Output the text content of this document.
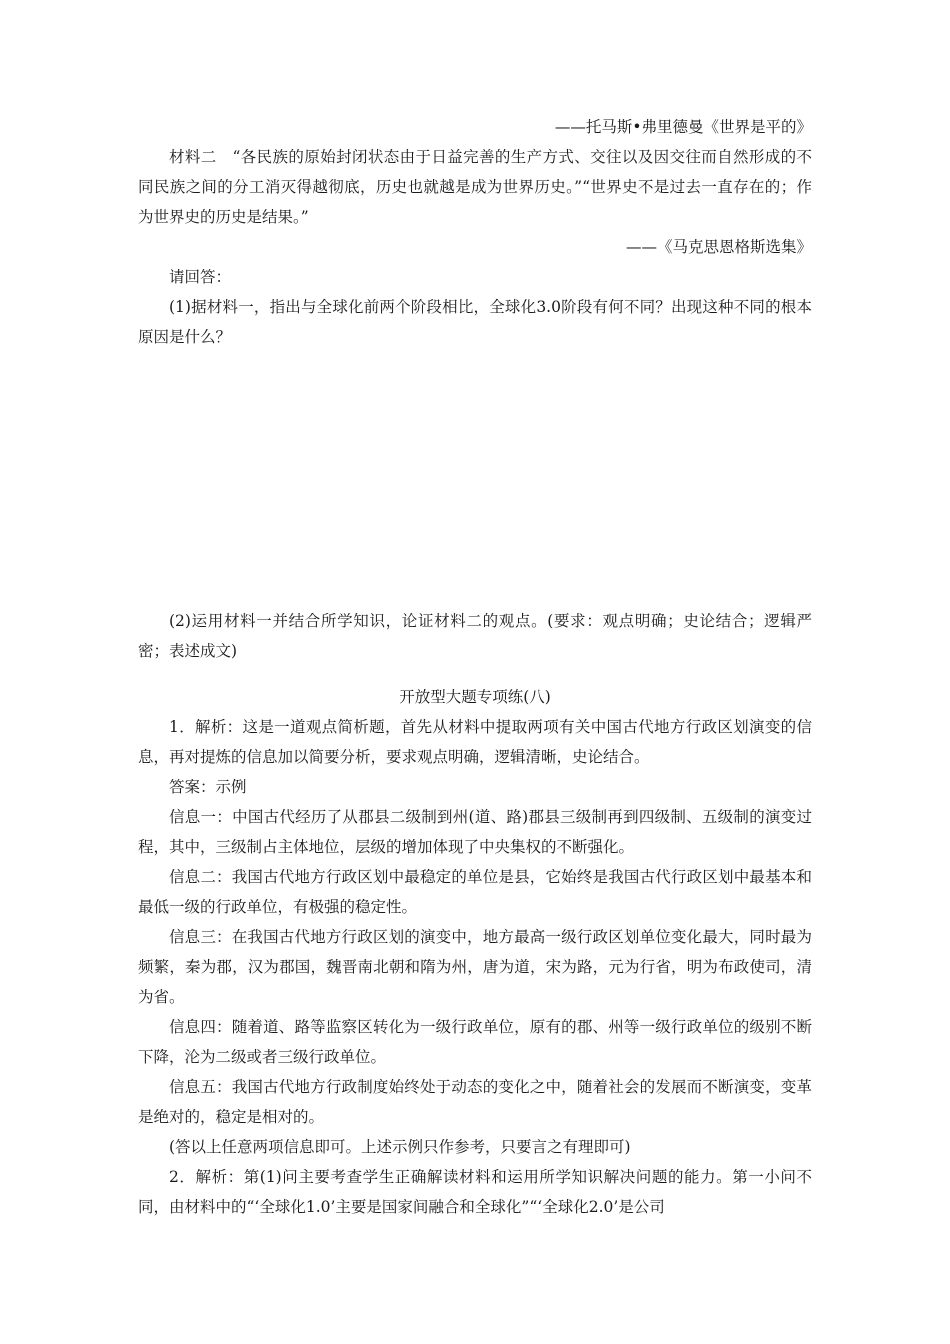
——托马斯•弗里德曼《世界是平的》

材料二　“各民族的原始封闭状态由于日益完善的生产方式、交往以及因交往而自然形成的不同民族之间的分工消灭得越彻底，历史也就越是成为世界历史。”“世界史不是过去一直存在的；作为世界史的历史是结果。”

——《马克思恩格斯选集》

请回答：

(1)据材料一，指出与全球化前两个阶段相比，全球化3.0阶段有何不同？出现这种不同的根本原因是什么？

(2)运用材料一并结合所学知识，论证材料二的观点。(要求：观点明确；史论结合；逻辑严密；表述成文)

开放型大题专项练(八)

1．解析：这是一道观点简析题，首先从材料中提取两项有关中国古代地方行政区划演变的信息，再对提炼的信息加以简要分析，要求观点明确，逻辑清晰，史论结合。

答案：示例

信息一：中国古代经历了从郡县二级制到州(道、路)郡县三级制再到四级制、五级制的演变过程，其中，三级制占主体地位，层级的增加体现了中央集权的不断强化。

信息二：我国古代地方行政区划中最稳定的单位是县，它始终是我国古代行政区划中最基本和最低一级的行政单位，有极强的稳定性。

信息三：在我国古代地方行政区划的演变中，地方最高一级行政区划单位变化最大，同时最为频繁，秦为郡，汉为郡国，魏晋南北朝和隋为州，唐为道，宋为路，元为行省，明为布政使司，清为省。

信息四：随着道、路等监察区转化为一级行政单位，原有的郡、州等一级行政单位的级别不断下降，沦为二级或者三级行政单位。

信息五：我国古代地方行政制度始终处于动态的变化之中，随着社会的发展而不断演变，变革是绝对的，稳定是相对的。

(答以上任意两项信息即可。上述示例只作参考，只要言之有理即可)

2．解析：第(1)问主要考查学生正确解读材料和运用所学知识解决问题的能力。第一小问不同，由材料中的“‘全球化1.0’主要是国家间融合和全球化”“‘全球化2.0’是公司
